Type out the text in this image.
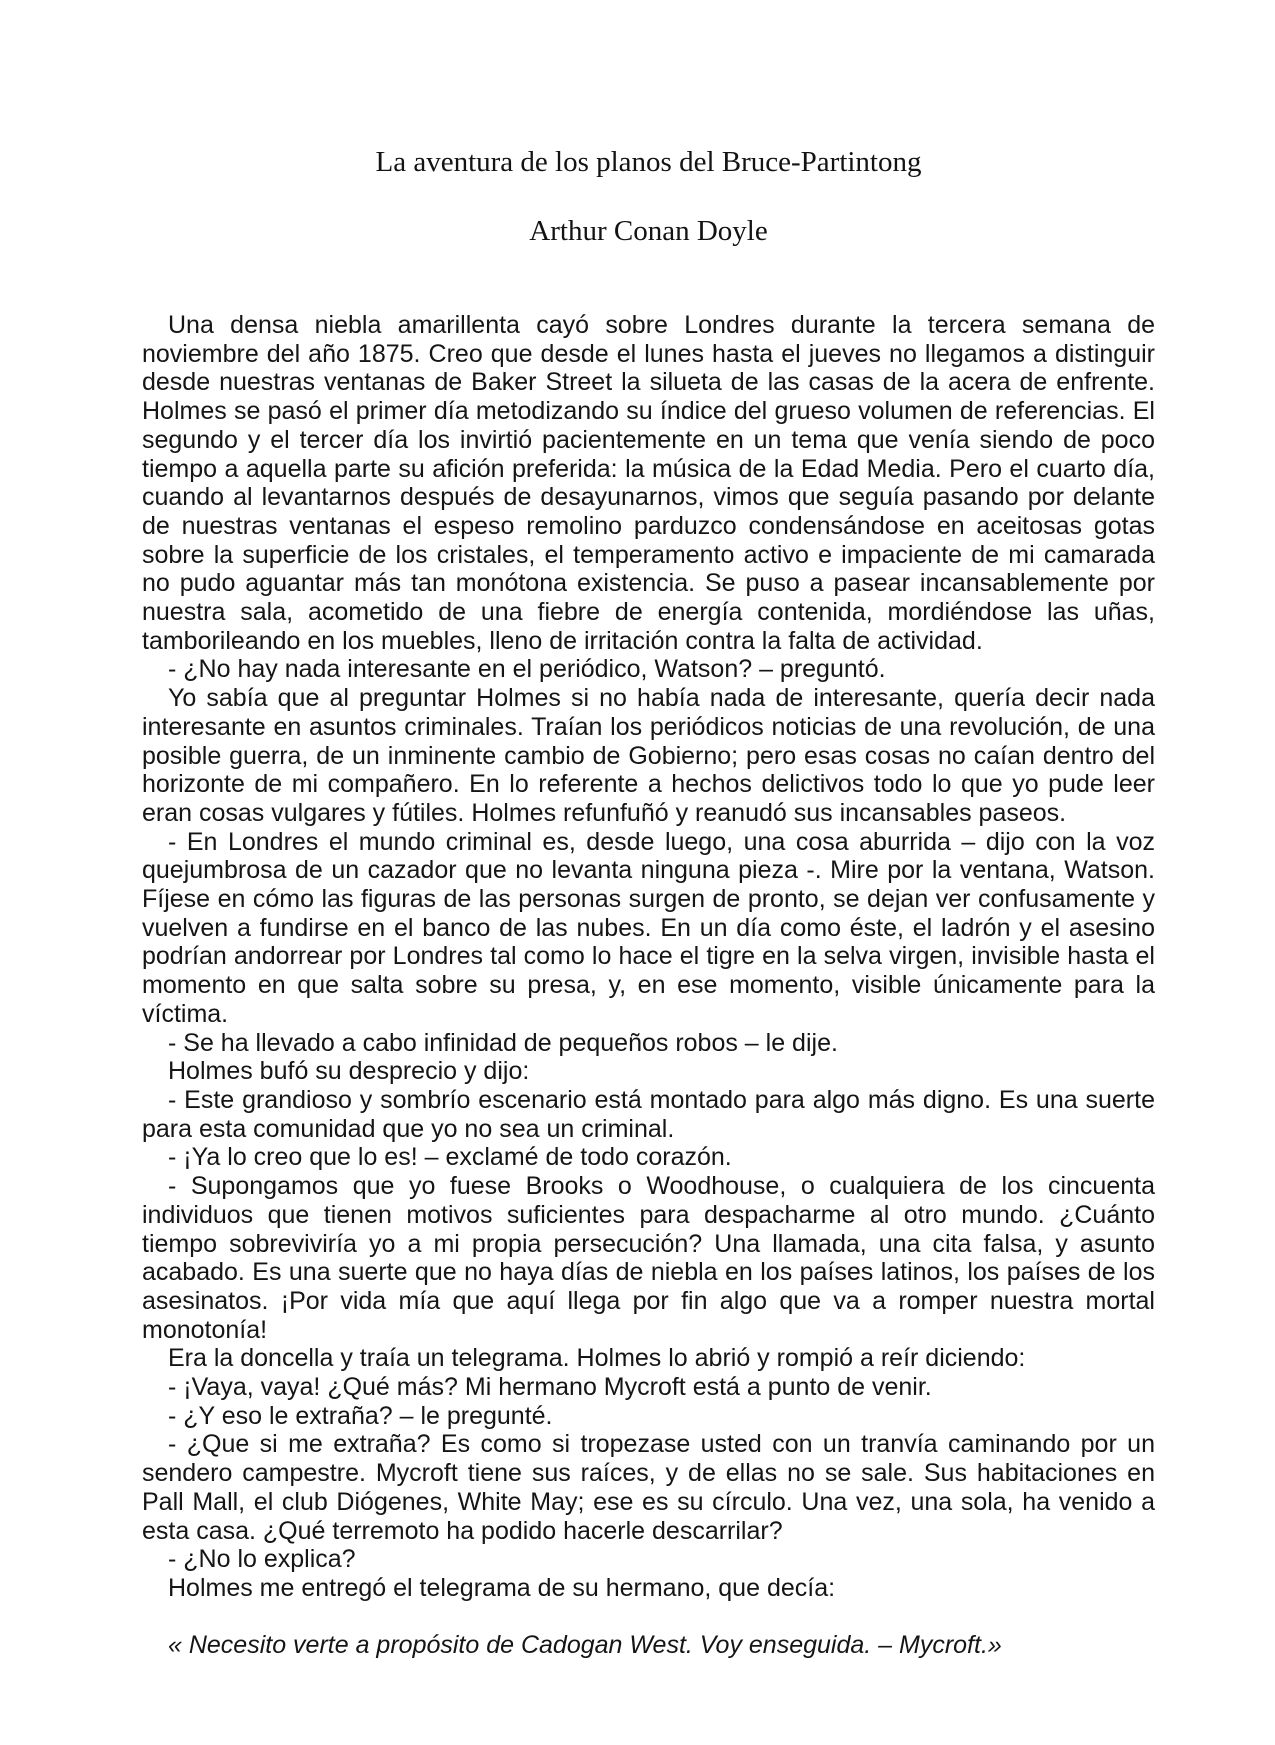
La aventura de los planos del Bruce-Partintong
Arthur Conan Doyle

Una densa niebla amarillenta cayó sobre Londres durante la tercera semana de noviembre del año 1875. Creo que desde el lunes hasta el jueves no llegamos a distinguir desde nuestras ventanas de Baker Street la silueta de las casas de la acera de enfrente. Holmes se pasó el primer día metodizando su índice del grueso volumen de referencias. El segundo y el tercer día los invirtió pacientemente en un tema que venía siendo de poco tiempo a aquella parte su afición preferida: la música de la Edad Media. Pero el cuarto día, cuando al levantarnos después de desayunarnos, vimos que seguía pasando por delante de nuestras ventanas el espeso remolino parduzco condensándose en aceitosas gotas sobre la superficie de los cristales, el temperamento activo e impaciente de mi camarada no pudo aguantar más tan monótona existencia. Se puso a pasear incansablemente por nuestra sala, acometido de una fiebre de energía contenida, mordiéndose las uñas, tamborileando en los muebles, lleno de irritación contra la falta de actividad.

- ¿No hay nada interesante en el periódico, Watson? – preguntó.

Yo sabía que al preguntar Holmes si no había nada de interesante, quería decir nada interesante en asuntos criminales. Traían los periódicos noticias de una revolución, de una posible guerra, de un inminente cambio de Gobierno; pero esas cosas no caían dentro del horizonte de mi compañero. En lo referente a hechos delictivos todo lo que yo pude leer eran cosas vulgares y fútiles. Holmes refunfuñó y reanudó sus incansables paseos.

- En Londres el mundo criminal es, desde luego, una cosa aburrida – dijo con la voz quejumbrosa de un cazador que no levanta ninguna pieza -. Mire por la ventana, Watson. Fíjese en cómo las figuras de las personas surgen de pronto, se dejan ver confusamente y vuelven a fundirse en el banco de las nubes. En un día como éste, el ladrón y el asesino podrían andorrear por Londres tal como lo hace el tigre en la selva virgen, invisible hasta el momento en que salta sobre su presa, y, en ese momento, visible únicamente para la víctima.

- Se ha llevado a cabo infinidad de pequeños robos – le dije.

Holmes bufó su desprecio y dijo:

- Este grandioso y sombrío escenario está montado para algo más digno. Es una suerte para esta comunidad que yo no sea un criminal.

- ¡Ya lo creo que lo es! – exclamé de todo corazón.

- Supongamos que yo fuese Brooks o Woodhouse, o cualquiera de los cincuenta individuos que tienen motivos suficientes para despacharme al otro mundo. ¿Cuánto tiempo sobreviviría yo a mi propia persecución? Una llamada, una cita falsa, y asunto acabado. Es una suerte que no haya días de niebla en los países latinos, los países de los asesinatos. ¡Por vida mía que aquí llega por fin algo que va a romper nuestra mortal monotonía!

Era la doncella y traía un telegrama. Holmes lo abrió y rompió a reír diciendo:

- ¡Vaya, vaya! ¿Qué más? Mi hermano Mycroft está a punto de venir.

- ¿Y eso le extraña? – le pregunté.

- ¿Que si me extraña? Es como si tropezase usted con un tranvía caminando por un sendero campestre. Mycroft tiene sus raíces, y de ellas no se sale. Sus habitaciones en Pall Mall, el club Diógenes, White May; ese es su círculo. Una vez, una sola, ha venido a esta casa. ¿Qué terremoto ha podido hacerle descarrilar?

- ¿No lo explica?

Holmes me entregó el telegrama de su hermano, que decía:

« Necesito verte a propósito de Cadogan West. Voy enseguida. – Mycroft.»
